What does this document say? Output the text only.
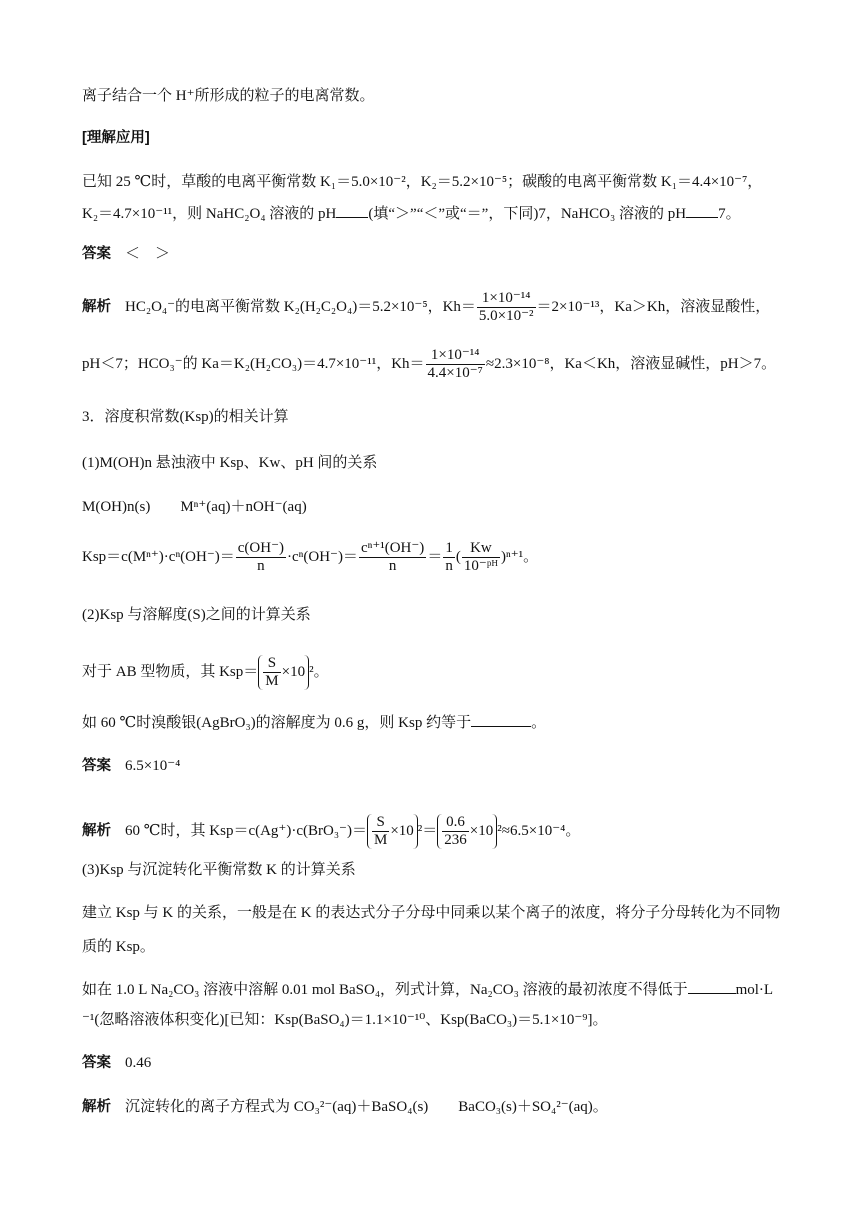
离子结合一个 H⁺所形成的粒子的电离常数。
[理解应用]
已知 25 ℃时，草酸的电离平衡常数 K₁＝5.0×10⁻²，K₂＝5.2×10⁻⁵；碳酸的电离平衡常数 K₁＝4.4×10⁻⁷，
K₂＝4.7×10⁻¹¹，则 NaHC₂O₄ 溶液的 pH (填“＞”“＜”或“＝”，下同)7，NaHCO₃ 溶液的 pH 7。
答案 ＜　＞
解析 HC₂O₄⁻的电离平衡常数 K₂(H₂C₂O₄)＝5.2×10⁻⁵，$Kh= \frac{\text{1×10⁻¹⁴}}{\text{5.0×10⁻²}} =2\times 10^{-13}$，Ka＞Kh，溶液显酸性，
pH＜7；HCO₃⁻的 Ka＝K₂(H₂CO₃)＝4.7×10⁻¹¹，$Kh= \frac{\text{1×10⁻¹⁴}}{\text{4.4×10⁻⁷}} \approx 2.3\times 10^{-8}$，Ka＜Kh，溶液显碱性，pH＞7。
3．溶度积常数(Ksp)的相关计算
(1)M(OH)n 悬浊液中 Ksp、Kw、pH 间的关系
M(OH)n(s) Mⁿ⁺(aq)＋nOH⁻(aq)
$Ksp=c(M^{n+})\cdot c^n(OH^-)= \frac{c(OH^-)}{n} \cdot c^n(OH^-)= \frac{\text{cⁿ⁺¹(OH⁻)}}{n} = \frac{1}{n}$ ( $\frac{Kw}{\text{10⁻ᵖᴴ}} )^{n+1}$。
(2)Ksp 与溶解度(S)之间的计算关系
对于 AB 型物质，其 $Ksp= \frac{S}{M} \times 10$ ²。
如 60 ℃时溴酸银(AgBrO₃)的溶解度为 0.6 g，则 Ksp 约等于	。
答案 6.5×10⁻⁴
解析 60 ℃时，其 $Ksp=c(Ag^+)\cdot c(BrO_3^-)= \frac{S}{M} \times 10$ $^2= \frac{0.6}{236} \times 10$ ²≈6.5×10⁻⁴。
(3)Ksp 与沉淀转化平衡常数 K 的计算关系
建立 Ksp 与 K 的关系，一般是在 K 的表达式分子分母中同乘以某个离子的浓度，将分子分母转化为不同物
质的 Ksp。
如在 1.0 L Na₂CO₃ 溶液中溶解 0.01 mol BaSO₄，列式计算，Na₂CO₃ 溶液的最初浓度不得低于	mol·L
⁻¹(忽略溶液体积变化)[已知：Ksp(BaSO₄)＝1.1×10⁻¹⁰、Ksp(BaCO₃)＝5.1×10⁻⁹]。
答案 0.46
解析 沉淀转化的离子方程式为 CO₃²⁻(aq)＋BaSO₄(s) BaCO₃(s)＋SO₄²⁻(aq)。
